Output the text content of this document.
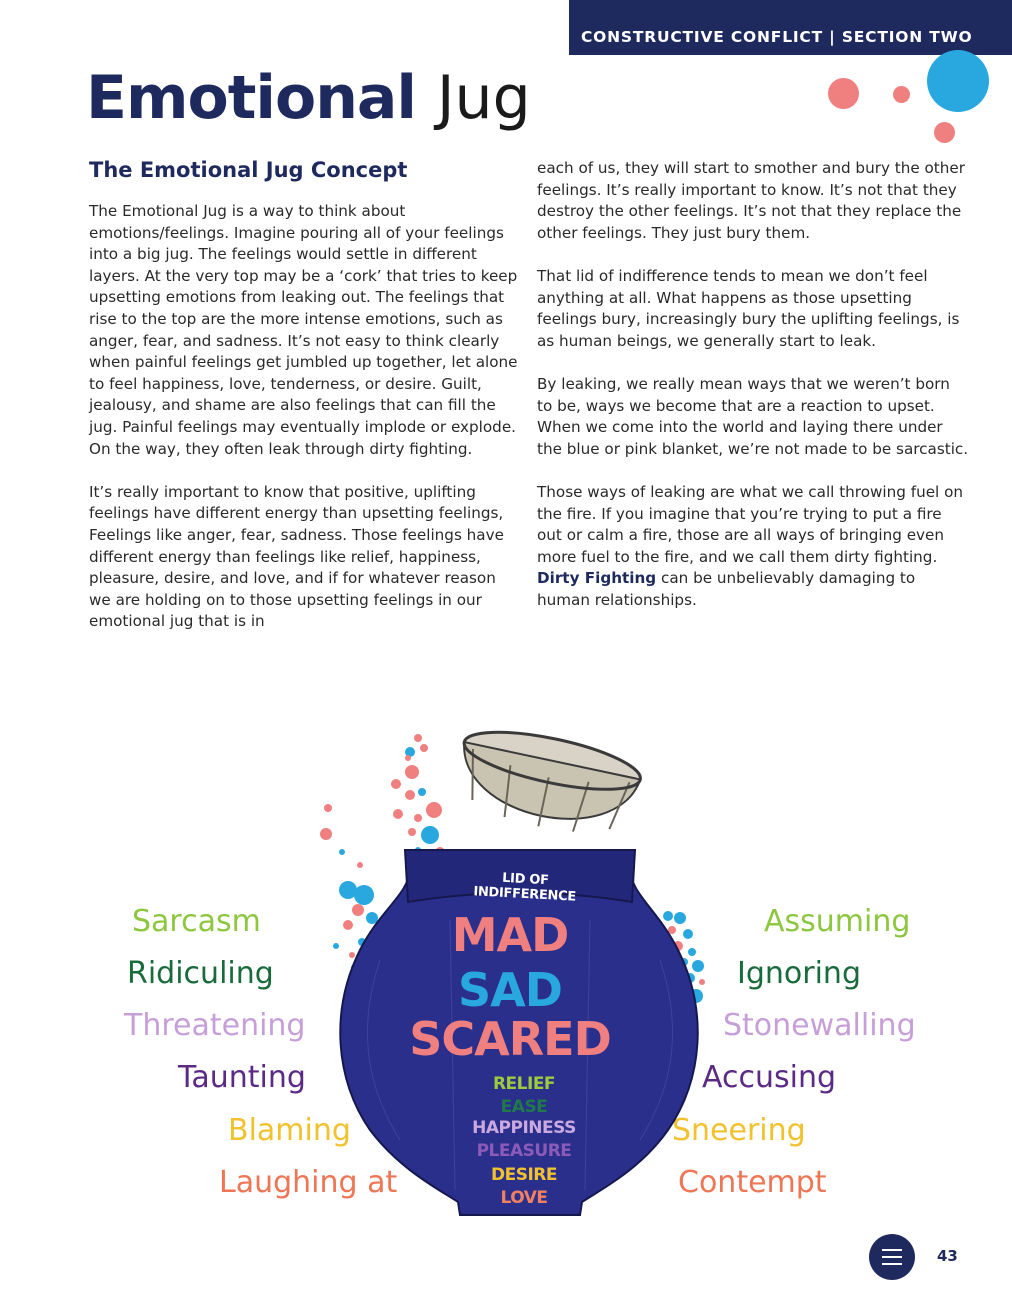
CONSTRUCTIVE CONFLICT | SECTION TWO
Emotional Jug
The Emotional Jug Concept

The Emotional Jug is a way to think about emotions/feelings. Imagine pouring all of your feelings into a big jug. The feelings would settle in different layers. At the very top may be a ‘cork’ that tries to keep upsetting emotions from leaking out. The feelings that rise to the top are the more intense emotions, such as anger, fear, and sadness. It’s not easy to think clearly when painful feelings get jumbled up together, let alone to feel happiness, love, tenderness, or desire. Guilt, jealousy, and shame are also feelings that can fill the jug. Painful feelings may eventually implode or explode. On the way, they often leak through dirty fighting.

It’s really important to know that positive, uplifting feelings have different energy than upsetting feelings, Feelings like anger, fear, sadness. Those feelings have different energy than feelings like relief, happiness, pleasure, desire, and love, and if for whatever reason we are holding on to those upsetting feelings in our emotional jug that is in

each of us, they will start to smother and bury the other feelings. It’s really important to know. It’s not that they destroy the other feelings. It’s not that they replace the other feelings. They just bury them.

That lid of indifference tends to mean we don’t feel anything at all. What happens as those upsetting feelings bury, increasingly bury the uplifting feelings, is as human beings, we generally start to leak.

By leaking, we really mean ways that we weren’t born to be, ways we become that are a reaction to upset. When we come into the world and laying there under the blue or pink blanket, we’re not made to be sarcastic.

Those ways of leaking are what we call throwing fuel on the fire. If you imagine that you’re trying to put a fire out or calm a fire, those are all ways of bringing even more fuel to the fire, and we call them dirty fighting. Dirty Fighting can be unbelievably damaging to human relationships.

Sarcasm
Ridiculing
Threatening
Taunting
Blaming
Laughing at
Assuming
Ignoring
Stonewalling
Accusing
Sneering
Contempt
LID OF INDIFFERENCE
MAD
SAD
SCARED
RELIEF
EASE
HAPPINESS
PLEASURE
DESIRE
LOVE
43
